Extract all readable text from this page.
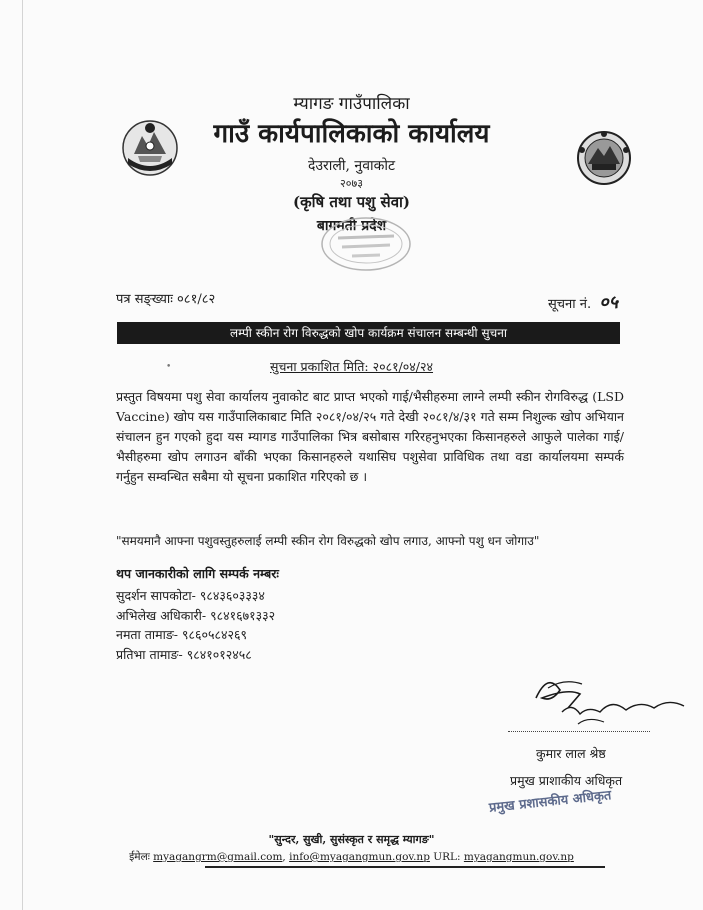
म्यागङ गाउँपालिका
गाउँ कार्यपालिकाको कार्यालय
देउराली, नुवाकोट
२०७३
(कृषि तथा पशु सेवा)
बागमती प्रदेश
पत्र सङ्ख्याः ०८१/८२	सूचना नं. ०५
लम्पी स्कीन रोग विरुद्धको खोप कार्यक्रम संचालन सम्बन्धी सुचना
•	सुचना प्रकाशित मिति: २०८१/०४/२४
प्रस्तुत विषयमा पशु सेवा कार्यालय नुवाकोट बाट प्राप्त भएको गाई/भैसीहरुमा लाग्ने लम्पी स्कीन रोगविरुद्ध (LSD Vaccine) खोप यस गाउँपालिकाबाट मिति २०८१/०४/२५ गते देखी २०८१/४/३१ गते सम्म निशुल्क खोप अभियान संचालन हुन गएको हुदा यस म्यागड गाउँपालिका भित्र बसोबास गरिरहनुभएका किसानहरुले आफुले पालेका गाई/भैसीहरुमा खोप लगाउन बाँकी भएका किसानहरुले यथासिघ पशुसेवा प्राविधिक तथा वडा कार्यालयमा सम्पर्क गर्नुहुन सम्वन्धित सबैमा यो सूचना प्रकाशित गरिएको छ ।
"समयमानै आफ्ना पशुवस्तुहरुलाई लम्पी स्कीन रोग विरुद्धको खोप लगाउ, आफ्नो पशु धन जोगाउ"
थप जानकारीको लागि सम्पर्क नम्बरः
सुदर्शन सापकोटा- ९८४३६०३३३४
अभिलेख अधिकारी- ९८४१६७१३३२
नमता तामाङ- ९८६०५८४२६९
प्रतिभा तामाङ- ९८४१०१२४५८
कुमार लाल श्रेष्ठ
प्रमुख प्राशाकीय अधिकृत
प्रमुख प्रशासकीय अधिकृत
"सुन्दर, सुखी, सुसंस्कृत र समृद्ध म्यागङ"
ईमेलः myagangrm@gmail.com, info@myagangmun.gov.np URL: myagangmun.gov.np
